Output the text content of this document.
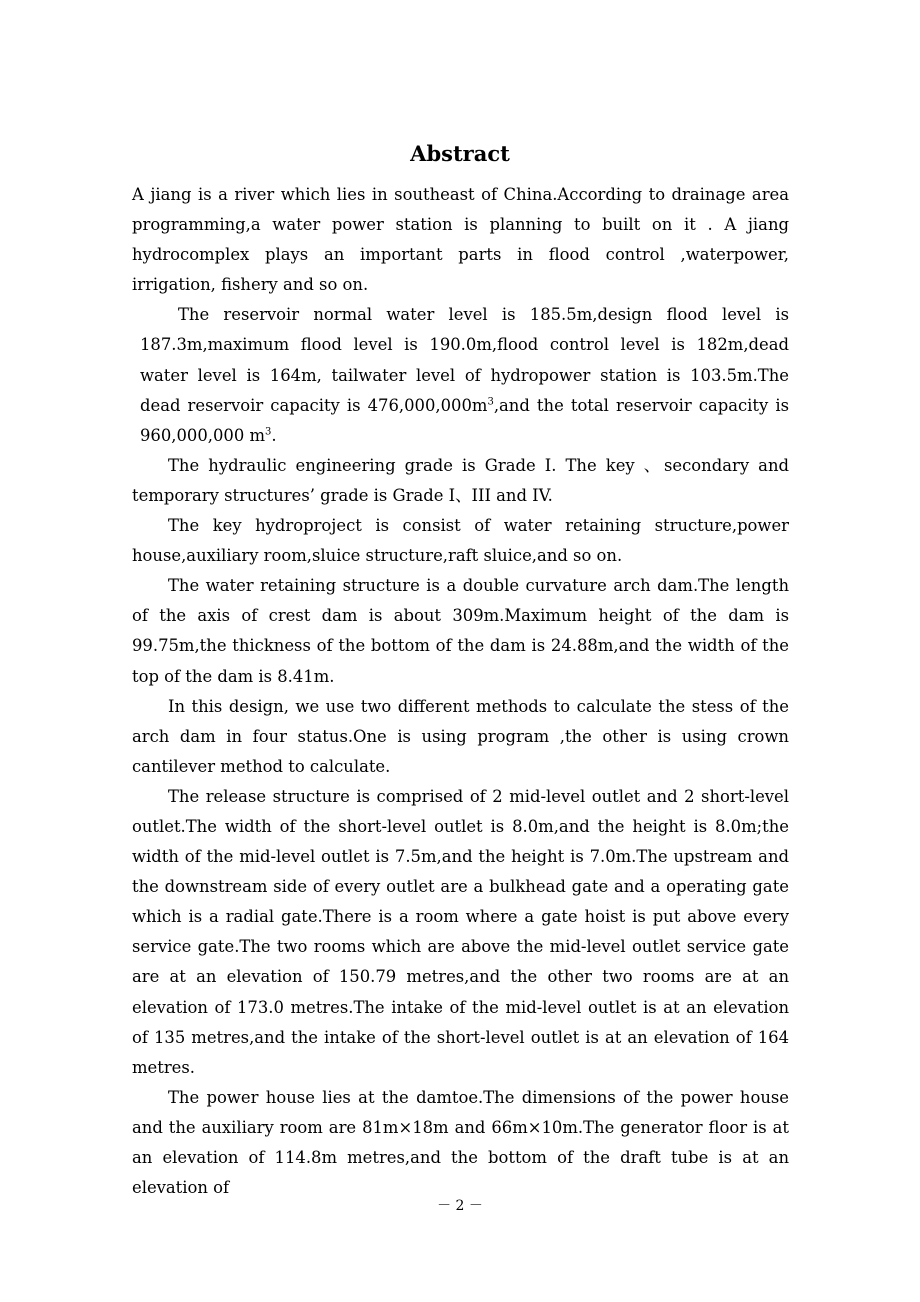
Abstract

A jiang is a river which lies in southeast of China.According to drainage area programming,a water power station is planning to built on it . A jiang hydrocomplex plays an important parts in flood control ,waterpower, irrigation, fishery and so on.

The reservoir normal water level is 185.5m,design flood level is 187.3m,maximum flood level is 190.0m,flood control level is 182m,dead water level is 164m, tailwater level of hydropower station is 103.5m.The dead reservoir capacity is $476,000,000m^3,and$ the total reservoir capacity is 960,000,000 $m^3$.

The hydraulic engineering grade is Grade I. The key 、secondary and temporary structures’ grade is Grade I、III and IV.

The key hydroproject is consist of water retaining structure,power house,auxiliary room,sluice structure,raft sluice,and so on.

The water retaining structure is a double curvature arch dam.The length of the axis of crest dam is about 309m.Maximum height of the dam is 99.75m,the thickness of the bottom of the dam is 24.88m,and the width of the top of the dam is 8.41m.

In this design, we use two different methods to calculate the stess of the arch dam in four status.One is using program ,the other is using crown cantilever method to calculate.

The release structure is comprised of 2 mid-level outlet and 2 short-level outlet.The width of the short-level outlet is 8.0m,and the height is 8.0m;the width of the mid-level outlet is 7.5m,and the height is 7.0m.The upstream and the downstream side of every outlet are a bulkhead gate and a operating gate which is a radial gate.There is a room where a gate hoist is put above every service gate.The two rooms which are above the mid-level outlet service gate are at an elevation of 150.79 metres,and the other two rooms are at an elevation of 173.0 metres.The intake of the mid-level outlet is at an elevation of 135 metres,and the intake of the short-level outlet is at an elevation of 164 metres.

The power house lies at the damtoe.The dimensions of the power house and the auxiliary room are 81m×18m and 66m×10m.The generator floor is at an elevation of 114.8m metres,and the bottom of the draft tube is at an elevation of

－ 2 －
